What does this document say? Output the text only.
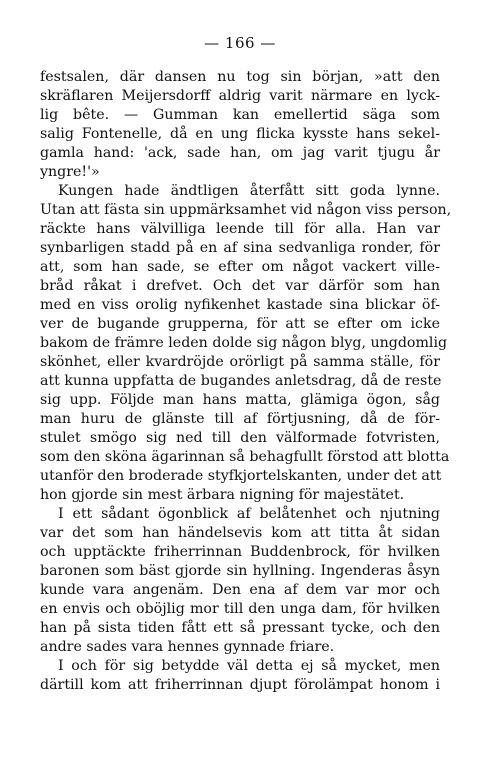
— 166 —
festsalen, där dansen nu tog sin början, »att den
skräflaren Meijersdorff aldrig varit närmare en lyck-
lig bête. — Gumman kan emellertid säga som
salig Fontenelle, då en ung flicka kysste hans sekel-
gamla hand: 'ack, sade han, om jag varit tjugu år
yngre!'»
Kungen hade ändtligen återfått sitt goda lynne.
Utan att fästa sin uppmärksamhet vid någon viss person,
räckte hans välvilliga leende till för alla. Han var
synbarligen stadd på en af sina sedvanliga ronder, för
att, som han sade, se efter om något vackert ville-
bråd råkat i drefvet. Och det var därför som han
med en viss orolig nyfikenhet kastade sina blickar öf-
ver de bugande grupperna, för att se efter om icke
bakom de främre leden dolde sig någon blyg, ungdomlig
skönhet, eller kvardröjde orörligt på samma ställe, för
att kunna uppfatta de bugandes anletsdrag, då de reste
sig upp. Följde man hans matta, glämiga ögon, såg
man huru de glänste till af förtjusning, då de för-
stulet smögo sig ned till den välformade fotvristen,
som den sköna ägarinnan så behagfullt förstod att blotta
utanför den broderade styfkjortelskanten, under det att
hon gjorde sin mest ärbara nigning för majestätet.
I ett sådant ögonblick af belåtenhet och njutning
var det som han händelsevis kom att titta åt sidan
och upptäckte friherrinnan Buddenbrock, för hvilken
baronen som bäst gjorde sin hyllning. Ingenderas åsyn
kunde vara angenäm. Den ena af dem var mor och
en envis och oböjlig mor till den unga dam, för hvilken
han på sista tiden fått ett så pressant tycke, och den
andre sades vara hennes gynnade friare.
I och för sig betydde väl detta ej så mycket, men
därtill kom att friherrinnan djupt förolämpat honom i
